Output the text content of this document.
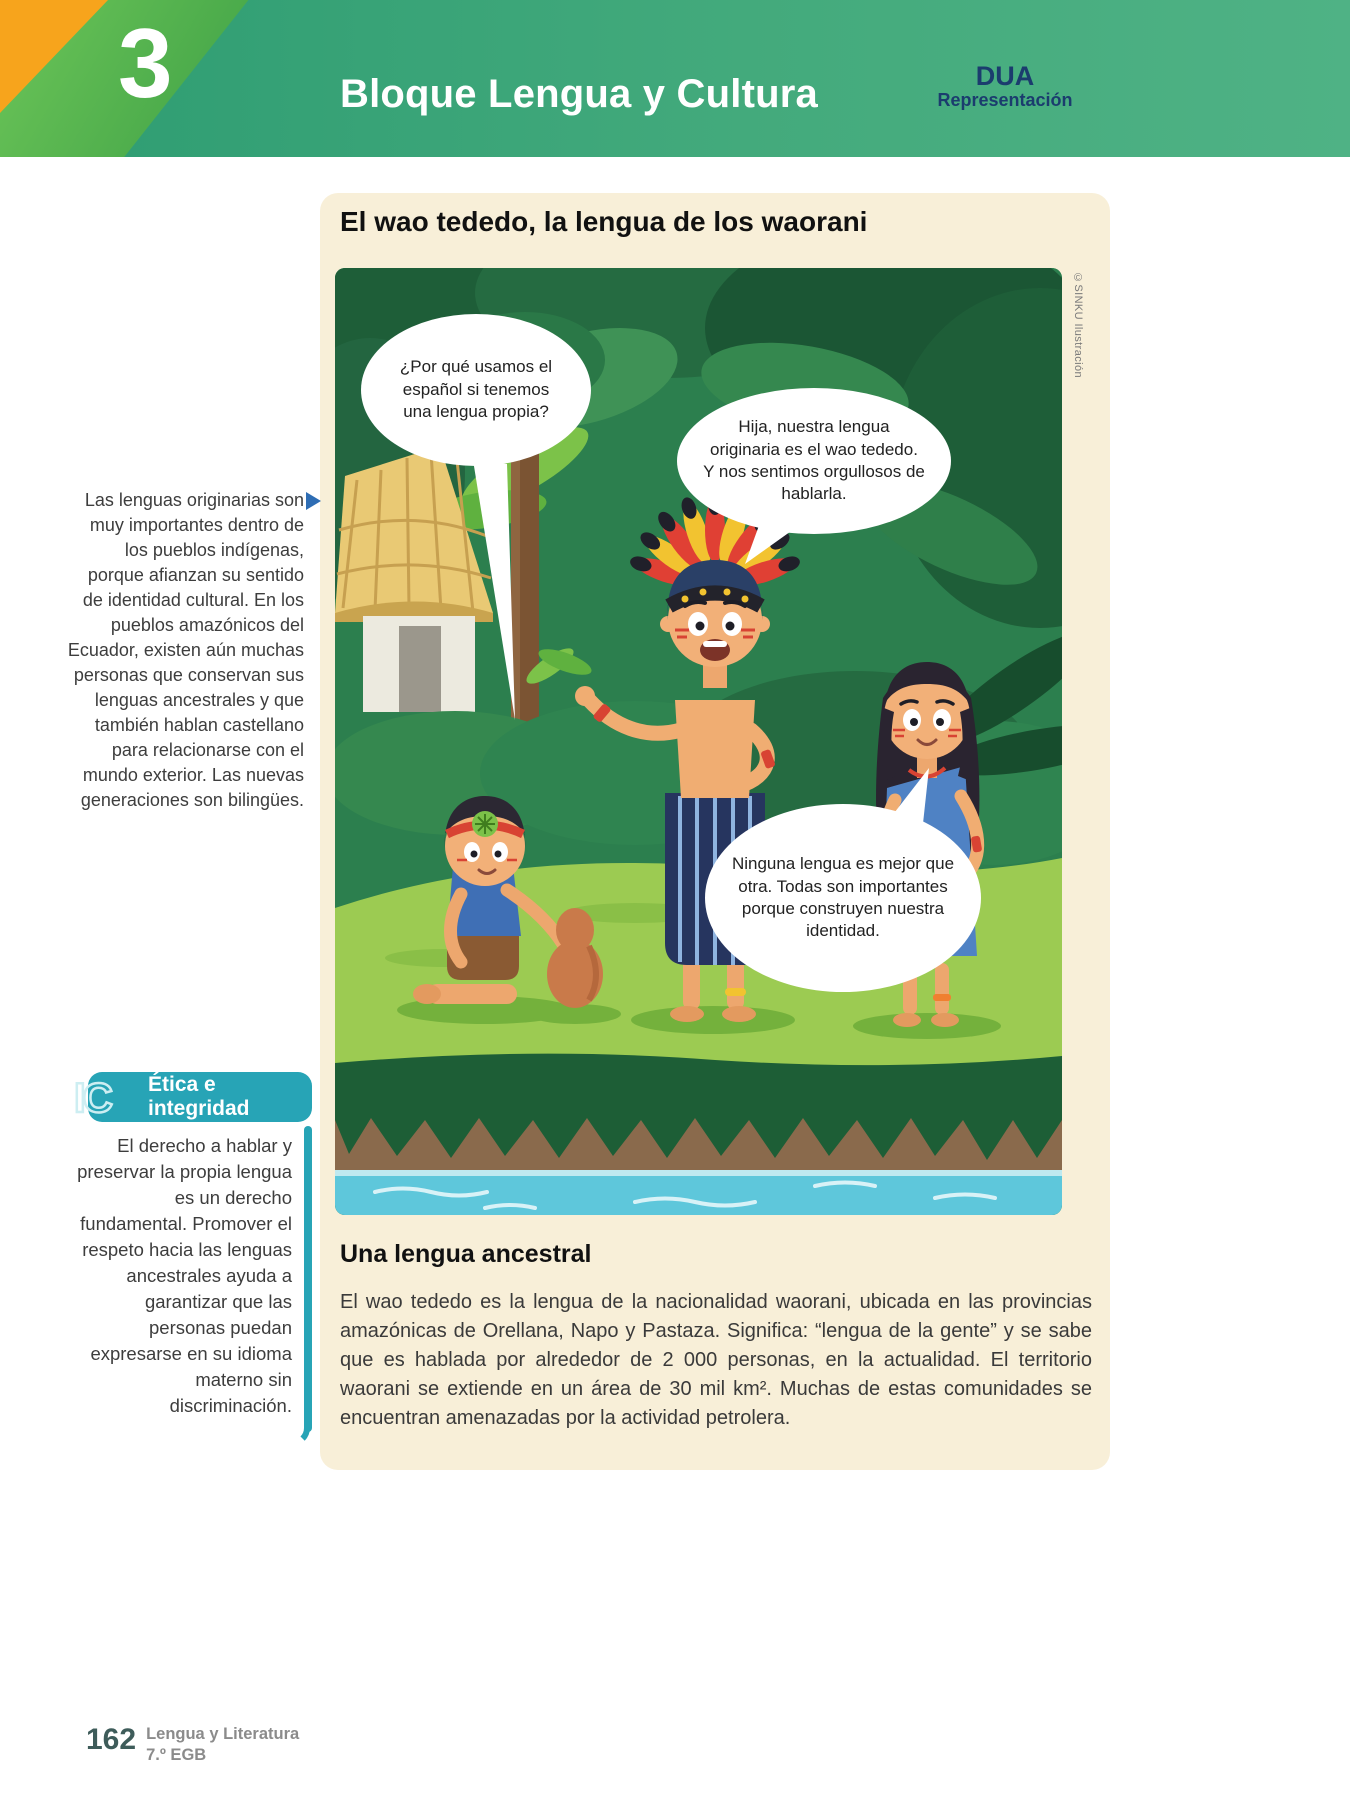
3	Bloque Lengua y Cultura	DUA
Representación
El wao tededo, la lengua de los waorani
¿Por qué usamos el español si tenemos una lengua propia?
Hija, nuestra lengua originaria es el wao tededo. Y nos sentimos orgullosos de hablarla.
Ninguna lengua es mejor que otra. Todas son importantes porque construyen nuestra identidad.
©SINKU Ilustración
Las lenguas originarias son muy importantes dentro de los pueblos indígenas, porque afianzan su sentido de identidad cultural. En los pueblos amazónicos del Ecuador, existen aún muchas personas que conservan sus lenguas ancestrales y que también hablan castellano para relacionarse con el mundo exterior. Las nuevas generaciones son bilingües.
IC Ética e integridad
El derecho a hablar y preservar la propia lengua es un derecho fundamental. Promover el respeto hacia las lenguas ancestrales ayuda a garantizar que las personas puedan expresarse en su idioma materno sin discriminación.
Una lengua ancestral
El wao tededo es la lengua de la nacionalidad waorani, ubicada en las provincias amazónicas de Orellana, Napo y Pastaza. Significa: “lengua de la gente” y se sabe que es hablada por alrededor de 2 000 personas, en la actualidad. El territorio waorani se extiende en un área de 30 mil km². Muchas de estas comunidades se encuentran amenazadas por la actividad petrolera.
162 Lengua y Literatura
7.º EGB
